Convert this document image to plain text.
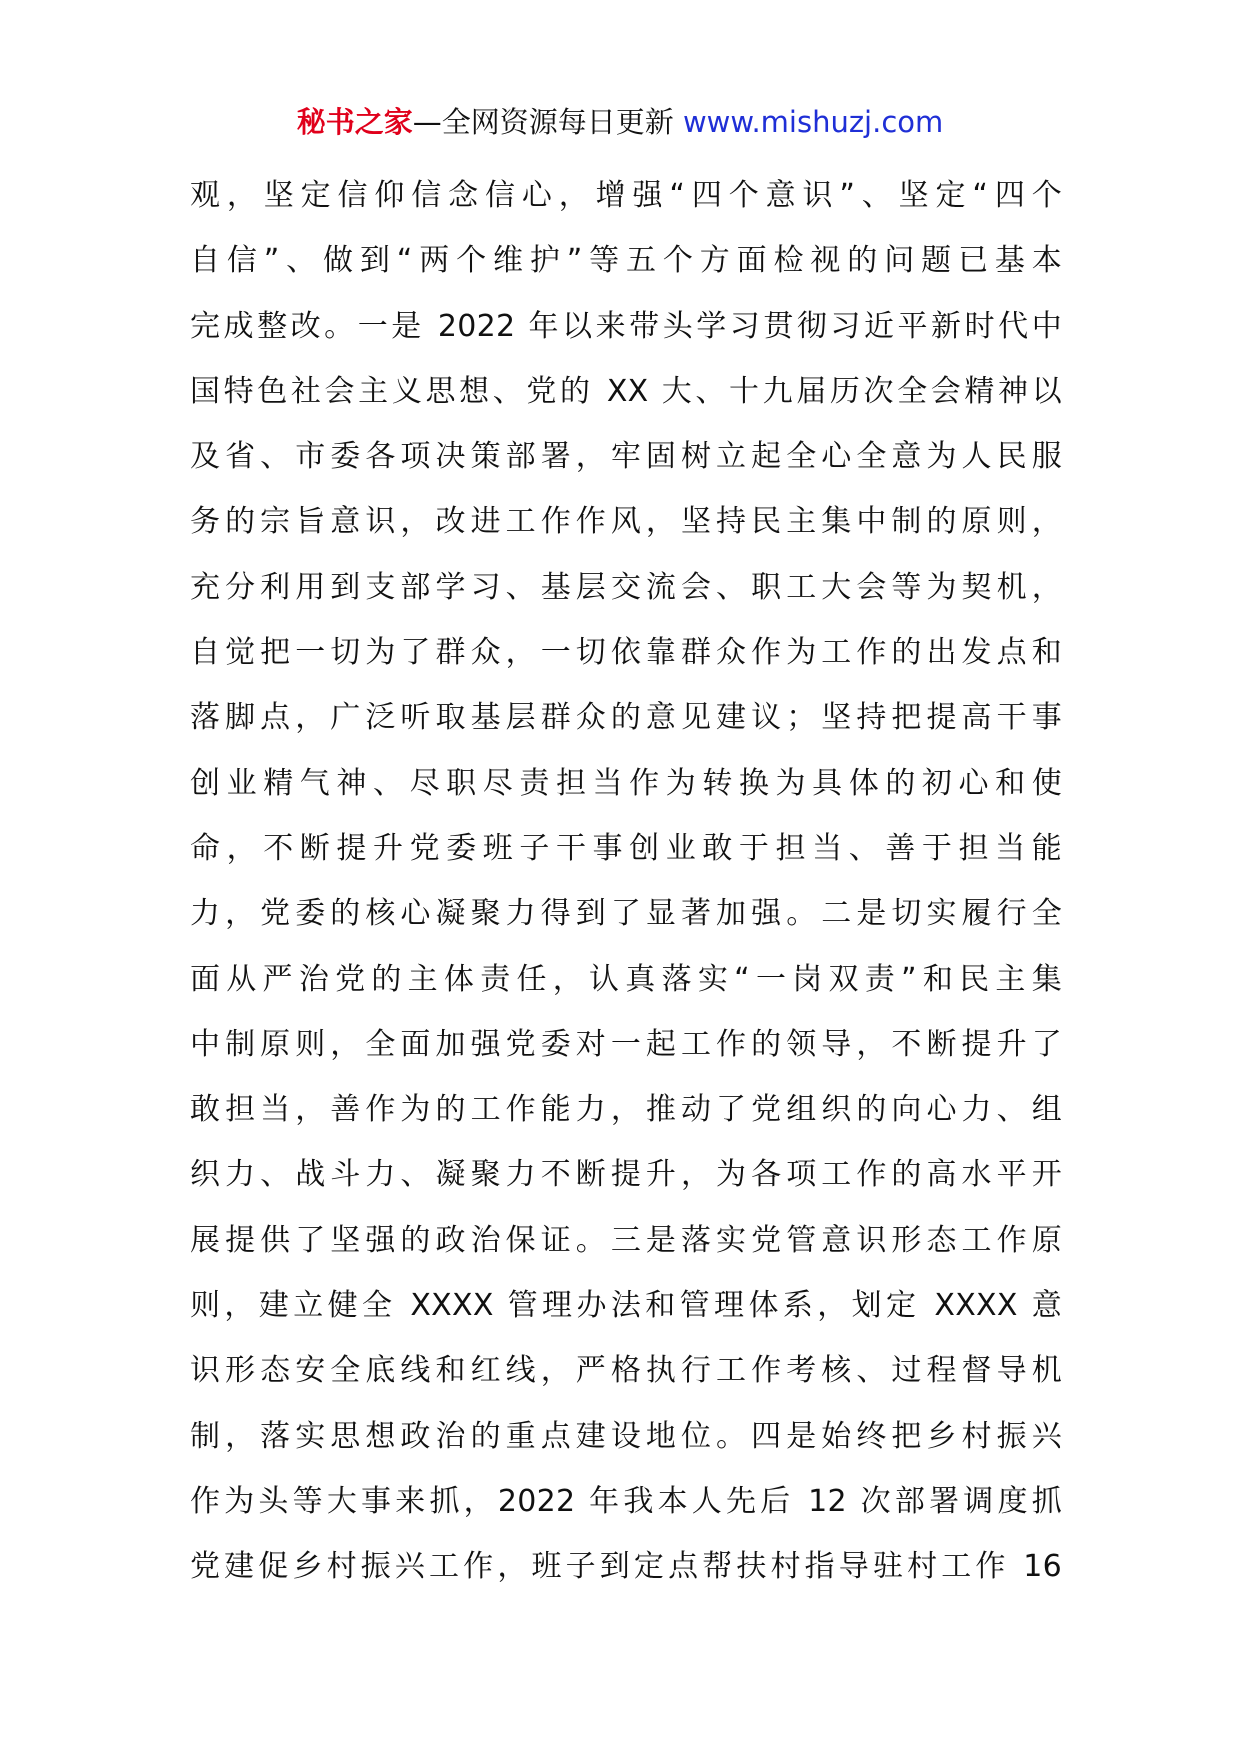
秘书之家—全网资源每日更新 www.mishuzj.com
观，坚定信仰信念信心，增强“四个意识”、坚定“四个
自信”、做到“两个维护”等五个方面检视的问题已基本
完成整改。一是 2022 年以来带头学习贯彻习近平新时代中
国特色社会主义思想、党的 XX 大、十九届历次全会精神以
及省、市委各项决策部署，牢固树立起全心全意为人民服
务的宗旨意识，改进工作作风，坚持民主集中制的原则，
充分利用到支部学习、基层交流会、职工大会等为契机，
自觉把一切为了群众，一切依靠群众作为工作的出发点和
落脚点，广泛听取基层群众的意见建议；坚持把提高干事
创业精气神、尽职尽责担当作为转换为具体的初心和使
命，不断提升党委班子干事创业敢于担当、善于担当能
力，党委的核心凝聚力得到了显著加强。二是切实履行全
面从严治党的主体责任，认真落实“一岗双责”和民主集
中制原则，全面加强党委对一起工作的领导，不断提升了
敢担当，善作为的工作能力，推动了党组织的向心力、组
织力、战斗力、凝聚力不断提升，为各项工作的高水平开
展提供了坚强的政治保证。三是落实党管意识形态工作原
则，建立健全 XXXX 管理办法和管理体系，划定 XXXX 意
识形态安全底线和红线，严格执行工作考核、过程督导机
制，落实思想政治的重点建设地位。四是始终把乡村振兴
作为头等大事来抓，2022 年我本人先后 12 次部署调度抓
党建促乡村振兴工作，班子到定点帮扶村指导驻村工作 16
